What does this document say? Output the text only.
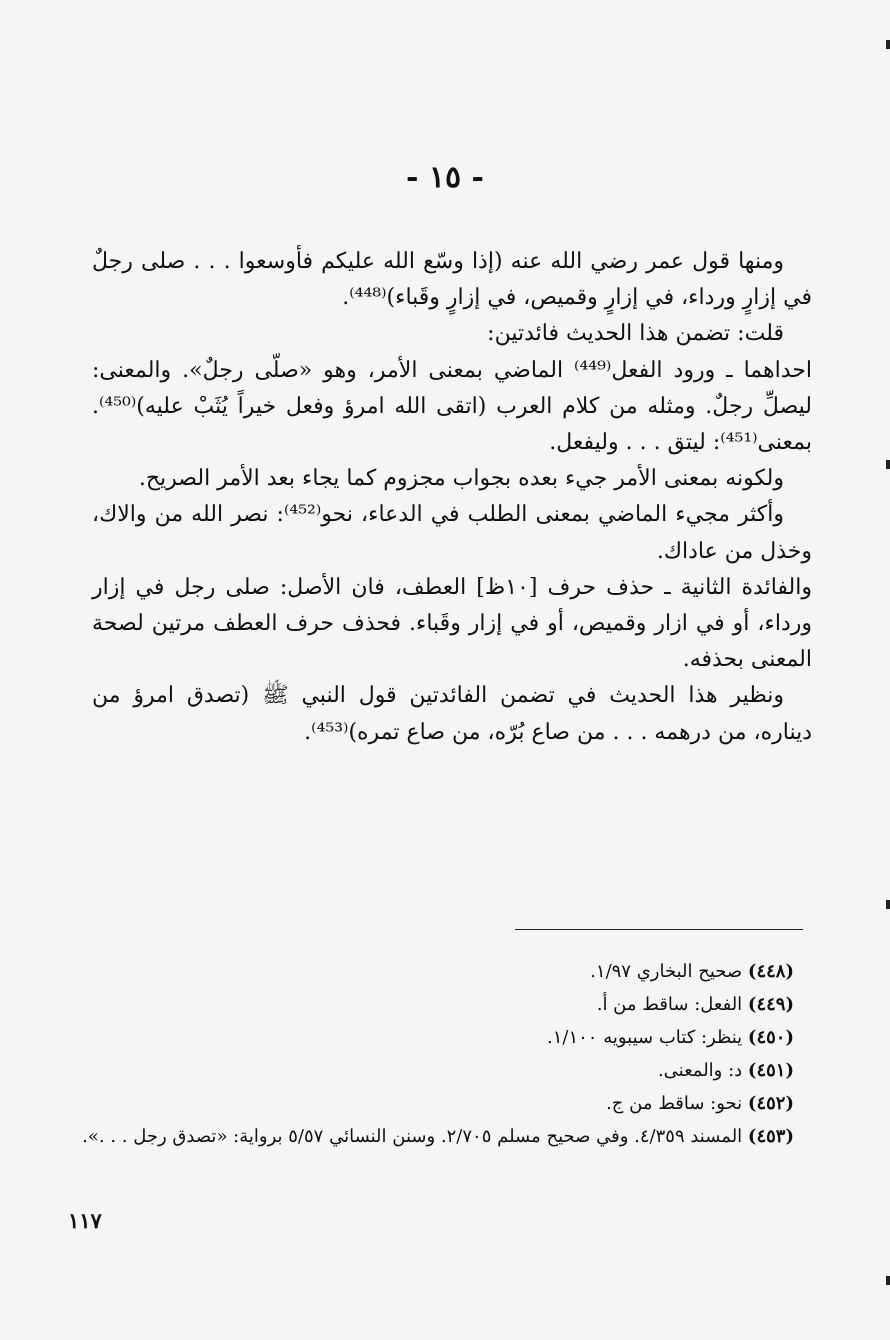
- ١٥ -

ومنها قول عمر رضي الله عنه (إذا وسّع الله عليكم فأوسعوا . . . صلى رجلٌ في إزارٍ ورداء، في إزارٍ وقميص، في إزارٍ وقَباء)⁽⁴⁴⁸⁾.

قلت: تضمن هذا الحديث فائدتين:

احداهما ـ ورود الفعل⁽⁴⁴⁹⁾ الماضي بمعنى الأمر، وهو «صلّى رجلٌ». والمعنى: ليصلِّ رجلٌ. ومثله من كلام العرب (اتقى الله امرؤ وفعل خيراً يُثَبْ عليه)⁽⁴⁵⁰⁾. بمعنى⁽⁴⁵¹⁾: ليتق . . . وليفعل.

ولكونه بمعنى الأمر جيء بعده بجواب مجزوم كما يجاء بعد الأمر الصريح.

وأكثر مجيء الماضي بمعنى الطلب في الدعاء، نحو⁽⁴⁵²⁾: نصر الله من والاك، وخذل من عاداك.

والفائدة الثانية ـ حذف حرف [١٠ظ] العطف، فان الأصل: صلى رجل في إزار ورداء، أو في ازار وقميص، أو في إزار وقَباء. فحذف حرف العطف مرتين لصحة المعنى بحذفه.

ونظير هذا الحديث في تضمن الفائدتين قول النبي ﷺ (تصدق امرؤ من ديناره، من درهمه . . . من صاع بُرّه، من صاع تمره)⁽⁴⁵³⁾.

(٤٤٨) صحيح البخاري ١/٩٧.

(٤٤٩) الفعل: ساقط من أ.

(٤٥٠) ينظر: كتاب سيبويه ١/١٠٠.

(٤٥١) د: والمعنى.

(٤٥٢) نحو: ساقط من ج.

(٤٥٣) المسند ٤/٣٥٩. وفي صحيح مسلم ٢/٧٠٥. وسنن النسائي ٥/٥٧ برواية: «تصدق رجل . . .».

١١٧
